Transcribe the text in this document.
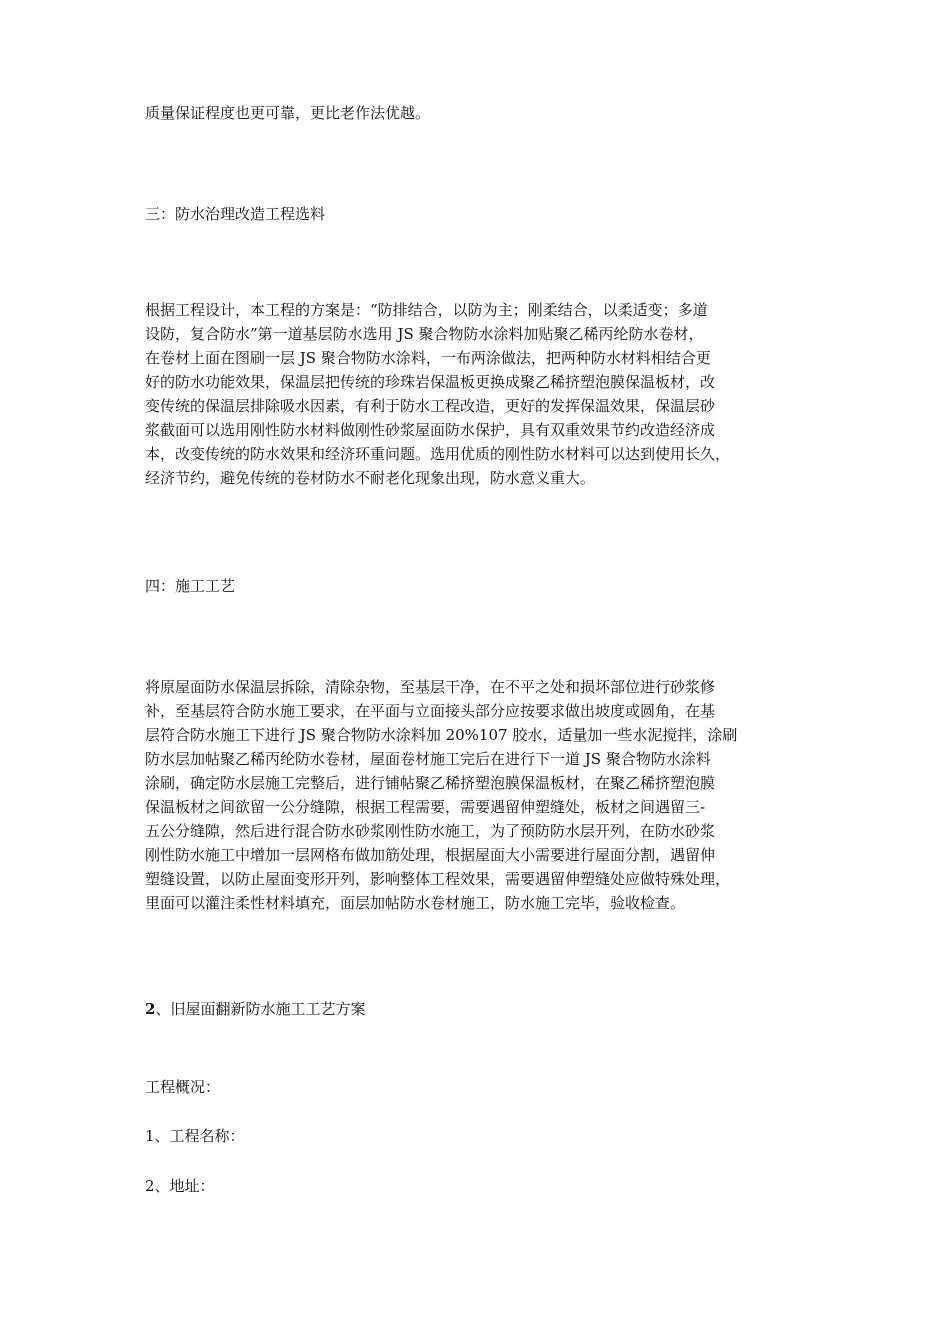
质量保证程度也更可靠，更比老作法优越。
三：防水治理改造工程选料
根据工程设计，本工程的方案是：“防排结合，以防为主；刚柔结合，以柔适变；多道
设防，复合防水”第一道基层防水选用 JS 聚合物防水涂料加贴聚乙稀丙纶防水卷材，
在卷材上面在图刷一层 JS 聚合物防水涂料，一布两涂做法，把两种防水材料相结合更
好的防水功能效果，保温层把传统的珍珠岩保温板更换成聚乙稀挤塑泡膜保温板材，改
变传统的保温层排除吸水因素，有利于防水工程改造，更好的发挥保温效果，保温层砂
浆截面可以选用刚性防水材料做刚性砂浆屋面防水保护，具有双重效果节约改造经济成
本，改变传统的防水效果和经济环重问题。选用优质的刚性防水材料可以达到使用长久，
经济节约，避免传统的卷材防水不耐老化现象出现，防水意义重大。
四：施工工艺
将原屋面防水保温层拆除，清除杂物，至基层干净，在不平之处和损坏部位进行砂浆修
补，至基层符合防水施工要求，在平面与立面接头部分应按要求做出坡度或圆角，在基
层符合防水施工下进行 JS 聚合物防水涂料加 20%107 胶水，适量加一些水泥搅拌，涂刷
防水层加帖聚乙稀丙纶防水卷材，屋面卷材施工完后在进行下一道 JS 聚合物防水涂料
涂刷，确定防水层施工完整后，进行铺帖聚乙稀挤塑泡膜保温板材，在聚乙稀挤塑泡膜
保温板材之间欲留一公分缝隙，根据工程需要，需要遇留伸塑缝处，板材之间遇留三-
五公分缝隙，然后进行混合防水砂浆刚性防水施工，为了预防防水层开列，在防水砂浆
刚性防水施工中增加一层网格布做加筋处理，根据屋面大小需要进行屋面分割，遇留伸
塑缝设置，以防止屋面变形开列，影响整体工程效果，需要遇留伸塑缝处应做特殊处理，
里面可以灌注柔性材料填充，面层加帖防水卷材施工，防水施工完毕，验收检查。
2、旧屋面翻新防水施工工艺方案
工程概况：
1、工程名称：
2、地址：
